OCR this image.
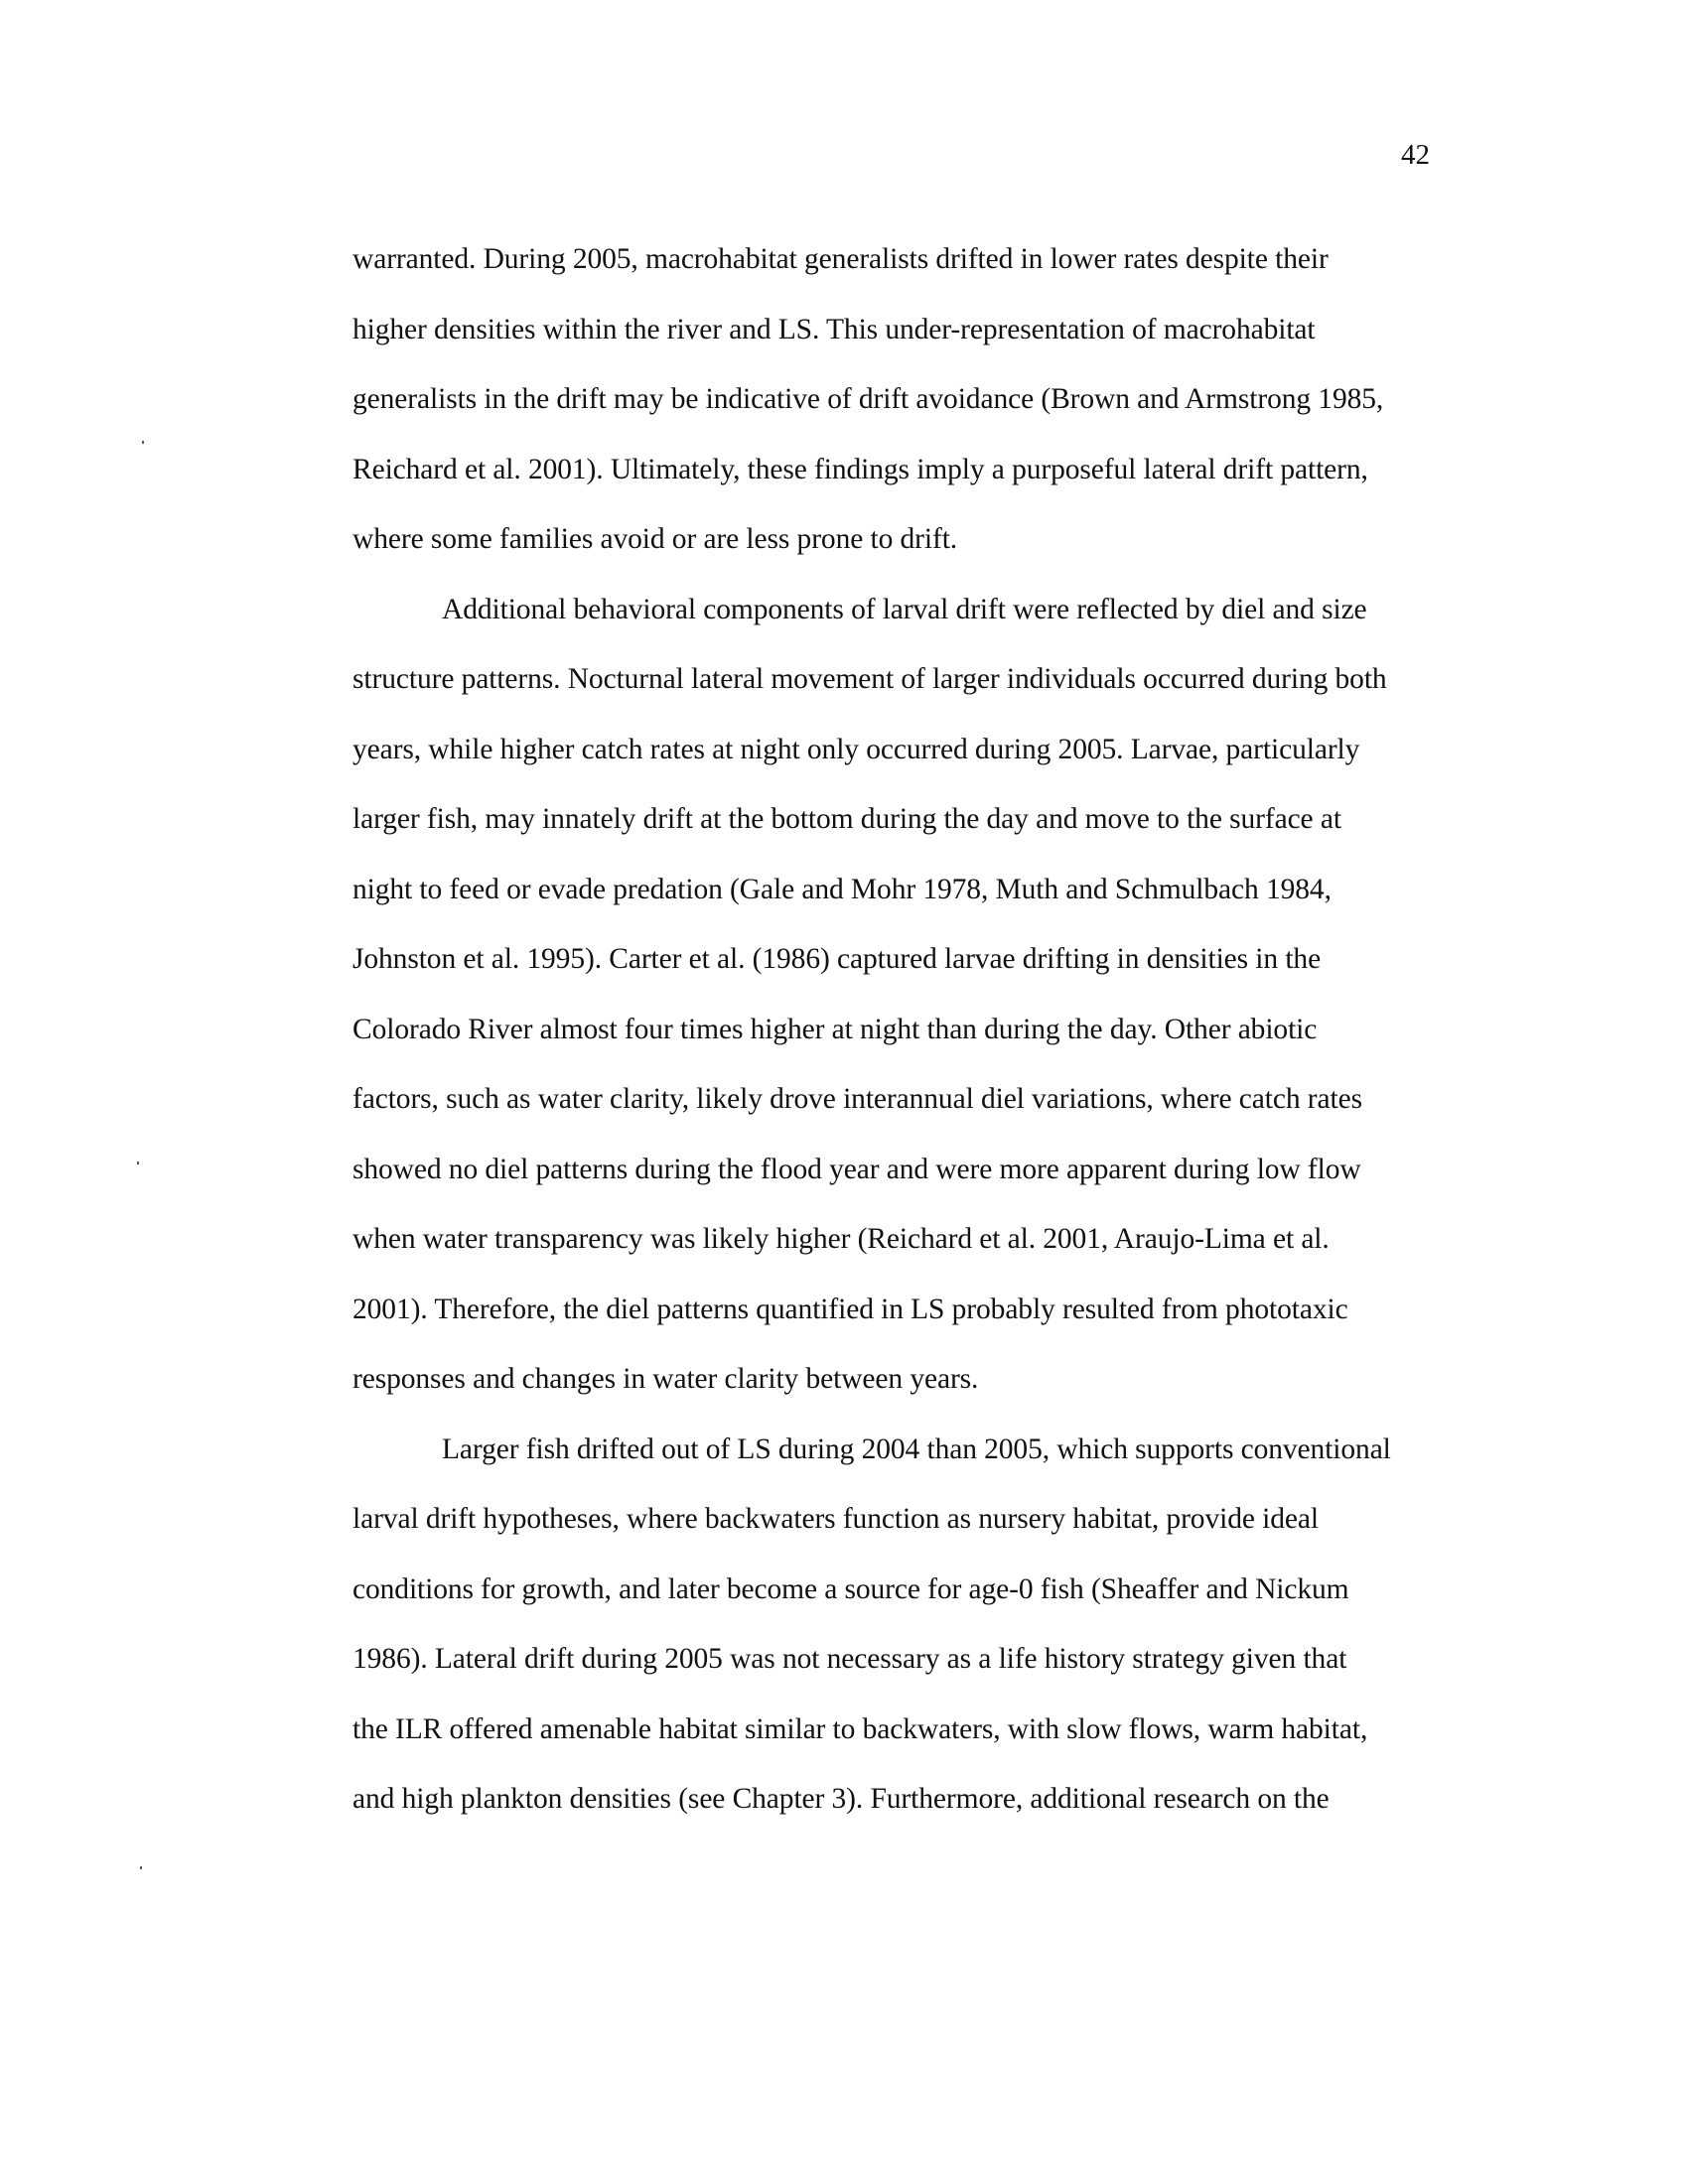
42
warranted. During 2005, macrohabitat generalists drifted in lower rates despite their
higher densities within the river and LS. This under-representation of macrohabitat
generalists in the drift may be indicative of drift avoidance (Brown and Armstrong 1985,
Reichard et al. 2001). Ultimately, these findings imply a purposeful lateral drift pattern,
where some families avoid or are less prone to drift.
Additional behavioral components of larval drift were reflected by diel and size
structure patterns. Nocturnal lateral movement of larger individuals occurred during both
years, while higher catch rates at night only occurred during 2005. Larvae, particularly
larger fish, may innately drift at the bottom during the day and move to the surface at
night to feed or evade predation (Gale and Mohr 1978, Muth and Schmulbach 1984,
Johnston et al. 1995). Carter et al. (1986) captured larvae drifting in densities in the
Colorado River almost four times higher at night than during the day. Other abiotic
factors, such as water clarity, likely drove interannual diel variations, where catch rates
showed no diel patterns during the flood year and were more apparent during low flow
when water transparency was likely higher (Reichard et al. 2001, Araujo-Lima et al.
2001). Therefore, the diel patterns quantified in LS probably resulted from phototaxic
responses and changes in water clarity between years.
Larger fish drifted out of LS during 2004 than 2005, which supports conventional
larval drift hypotheses, where backwaters function as nursery habitat, provide ideal
conditions for growth, and later become a source for age-0 fish (Sheaffer and Nickum
1986). Lateral drift during 2005 was not necessary as a life history strategy given that
the ILR offered amenable habitat similar to backwaters, with slow flows, warm habitat,
and high plankton densities (see Chapter 3). Furthermore, additional research on the
